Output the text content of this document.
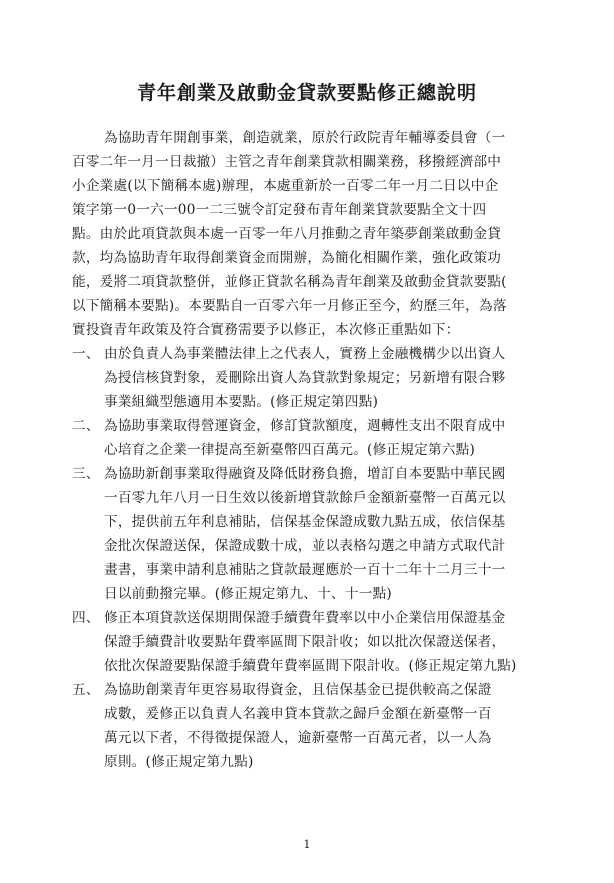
青年創業及啟動金貸款要點修正總說明
為協助青年開創事業，創造就業，原於行政院青年輔導委員會（一
百零二年一月一日裁撤）主管之青年創業貸款相關業務，移撥經濟部中
小企業處(以下簡稱本處)辦理，本處重新於一百零二年一月二日以中企
策字第一0一六一00一二三號令訂定發布青年創業貸款要點全文十四
點。由於此項貸款與本處一百零一年八月推動之青年築夢創業啟動金貸
款，均為協助青年取得創業資金而開辦，為簡化相關作業，強化政策功
能，爰將二項貸款整併，並修正貸款名稱為青年創業及啟動金貸款要點(
以下簡稱本要點)。本要點自一百零六年一月修正至今，約歷三年，為落
實投資青年政策及符合實務需要予以修正，本次修正重點如下：
一、 由於負責人為事業體法律上之代表人，實務上金融機構少以出資人
為授信核貸對象，爰刪除出資人為貸款對象規定；另新增有限合夥
事業組織型態適用本要點。(修正規定第四點)
二、 為協助事業取得營運資金，修訂貸款額度，週轉性支出不限育成中
心培育之企業一律提高至新臺幣四百萬元。(修正規定第六點)
三、 為協助新創事業取得融資及降低財務負擔，增訂自本要點中華民國
一百零九年八月一日生效以後新增貸款餘戶金額新臺幣一百萬元以
下，提供前五年利息補貼，信保基金保證成數九點五成，依信保基
金批次保證送保，保證成數十成，並以表格勾選之申請方式取代計
畫書，事業申請利息補貼之貸款最遲應於一百十二年十二月三十一
日以前動撥完畢。(修正規定第九、十、十一點)
四、 修正本項貸款送保期間保證手續費年費率以中小企業信用保證基金
保證手續費計收要點年費率區間下限計收；如以批次保證送保者，
依批次保證要點保證手續費年費率區間下限計收。(修正規定第九點)
五、 為協助創業青年更容易取得資金，且信保基金已提供較高之保證
成數，爰修正以負責人名義申貸本貸款之歸戶金額在新臺幣一百
萬元以下者，不得徵提保證人，逾新臺幣一百萬元者，以一人為
原則。(修正規定第九點)
1
